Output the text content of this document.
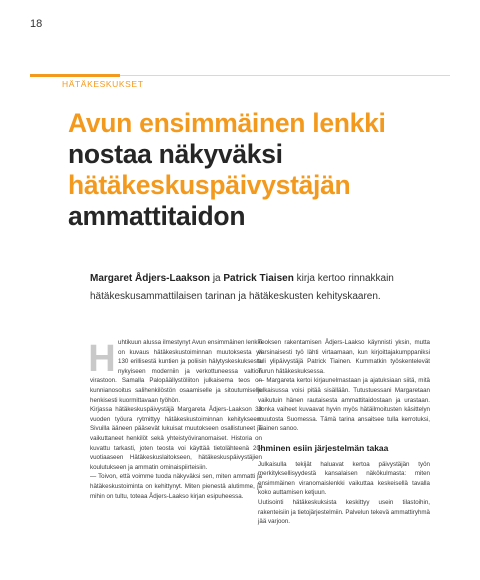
18
HÄTÄKESKUKSET
Avun ensimmäinen lenkki
nostaa näkyväksi
hätäkeskuspäivystäjän
ammattitaidon

Margaret Ådjers-Laakson ja Patrick Tiaisen kirja kertoo rinnakkain hätäkeskusammattilaisen tarinan ja hätäkeskusten kehityskaaren.

H uhtikuun alussa ilmestynyt Avun ensimmäinen lenkki on kuvaus hätäkeskustoiminnan muutoksesta yli 130 erillisestä kuntien ja poliisin hälytyskeskuksesta nykyiseen moderniin ja verkottuneessa valtion virastoon. Samalla Palopäällystöliiton julkaisema teos on kunnianosoitus salihenkilöstön osaamiselle ja sitoutumiselle henkisesti kuormittavaan työhön.

Kirjassa hätäkeskuspäivystäjä Margareta Ådjers-Laakson 38 vuoden työura rytmittyy hätäkeskustoiminnan kehitykseen. Sivuilla ääneen pääsevät lukuisat muutokseen osallistuneet ja vaikuttaneet henkilöt sekä yhteistyöviranomaiset. Historia on kuvattu tarkasti, joten teosta voi käyttää tietolähteenä 20-vuotiaaseen Hätäkeskuslaitokseen, hätäkeskuspäivystäjien koulutukseen ja ammatin ominaispiirteisiin.

— Toivon, että voimme tuoda näkyväksi sen, miten ammatti ja hätäkeskustoiminta on kehittynyt. Miten pienestä alutimme, ja mihin on tultu, toteaa Ådjers-Laakso kirjan esipuheessa.

Teoksen rakentamisen Ådjers-Laakso käynnisti yksin, mutta varsinaisesti työ lähti virtaamaan, kun kirjoittajakumppaniksi tuli ylipäivystäjä Patrick Tiainen. Kummatkin työskentelevät Turun hätäkeskuksessa.

— Margareta kertoi kirjaunelmastaan ja ajatuksiaan siitä, mitä julkaisussa voisi pitää sisällään. Tutustuessani Margaretaan vaikutuin hänen rautaisesta ammattitaidostaan ja urastaan. Jonka vaiheet kuvaavat hyvin myös hätäilmoitusten käsittelyn muutosta Suomessa. Tämä tarina ansaitsee tulla kerrotuksi, Tiainen sanoo.

Ihminen esiin järjestelmän takaa

Julkaisulla tekijät haluavat kertoa päivystäjän työn merkityksellisyydestä kansalaisen näkökulmasta: miten ensimmäinen viranomaislenkki vaikuttaa keskeisellä tavalla koko auttamisen ketjuun.

Uutisointi hätäkeskuksista keskittyy usein tilastoihin, rakenteisiin ja tietojärjestelmiin. Palvelun tekevä ammattiryhmä jää varjoon.
